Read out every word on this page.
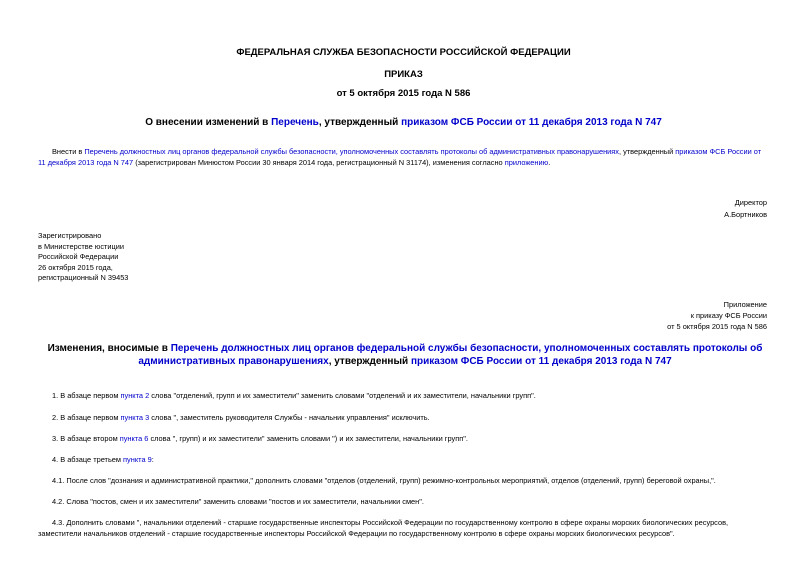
ФЕДЕРАЛЬНАЯ СЛУЖБА БЕЗОПАСНОСТИ РОССИЙСКОЙ ФЕДЕРАЦИИ
ПРИКАЗ
от 5 октября 2015 года N 586
О внесении изменений в Перечень, утвержденный приказом ФСБ России от 11 декабря 2013 года N 747
Внести в Перечень должностных лиц органов федеральной службы безопасности, уполномоченных составлять протоколы об административных правонарушениях, утвержденный приказом ФСБ России от 11 декабря 2013 года N 747 (зарегистрирован Минюстом России 30 января 2014 года, регистрационный N 31174), изменения согласно приложению.
Директор
А.Бортников
Зарегистрировано
в Министерстве юстиции
Российской Федерации
26 октября 2015 года,
регистрационный N 39453
Приложение
к приказу ФСБ России
от 5 октября 2015 года N 586
Изменения, вносимые в Перечень должностных лиц органов федеральной службы безопасности, уполномоченных составлять протоколы об административных правонарушениях, утвержденный приказом ФСБ России от 11 декабря 2013 года N 747
1. В абзаце первом пункта 2 слова "отделений, групп и их заместители" заменить словами "отделений и их заместители, начальники групп".
2. В абзаце первом пункта 3 слова ", заместитель руководителя Службы - начальник управления" исключить.
3. В абзаце втором пункта 6 слова ", групп) и их заместители" заменить словами ") и их заместители, начальники групп".
4. В абзаце третьем пункта 9:
4.1. После слов "дознания и административной практики," дополнить словами "отделов (отделений, групп) режимно-контрольных мероприятий, отделов (отделений, групп) береговой охраны,".
4.2. Слова "постов, смен и их заместители" заменить словами "постов и их заместители, начальники смен".
4.3. Дополнить словами ", начальники отделений - старшие государственные инспекторы Российской Федерации по государственному контролю в сфере охраны морских биологических ресурсов, заместители начальников отделений - старшие государственные инспекторы Российской Федерации по государственному контролю в сфере охраны морских биологических ресурсов".
